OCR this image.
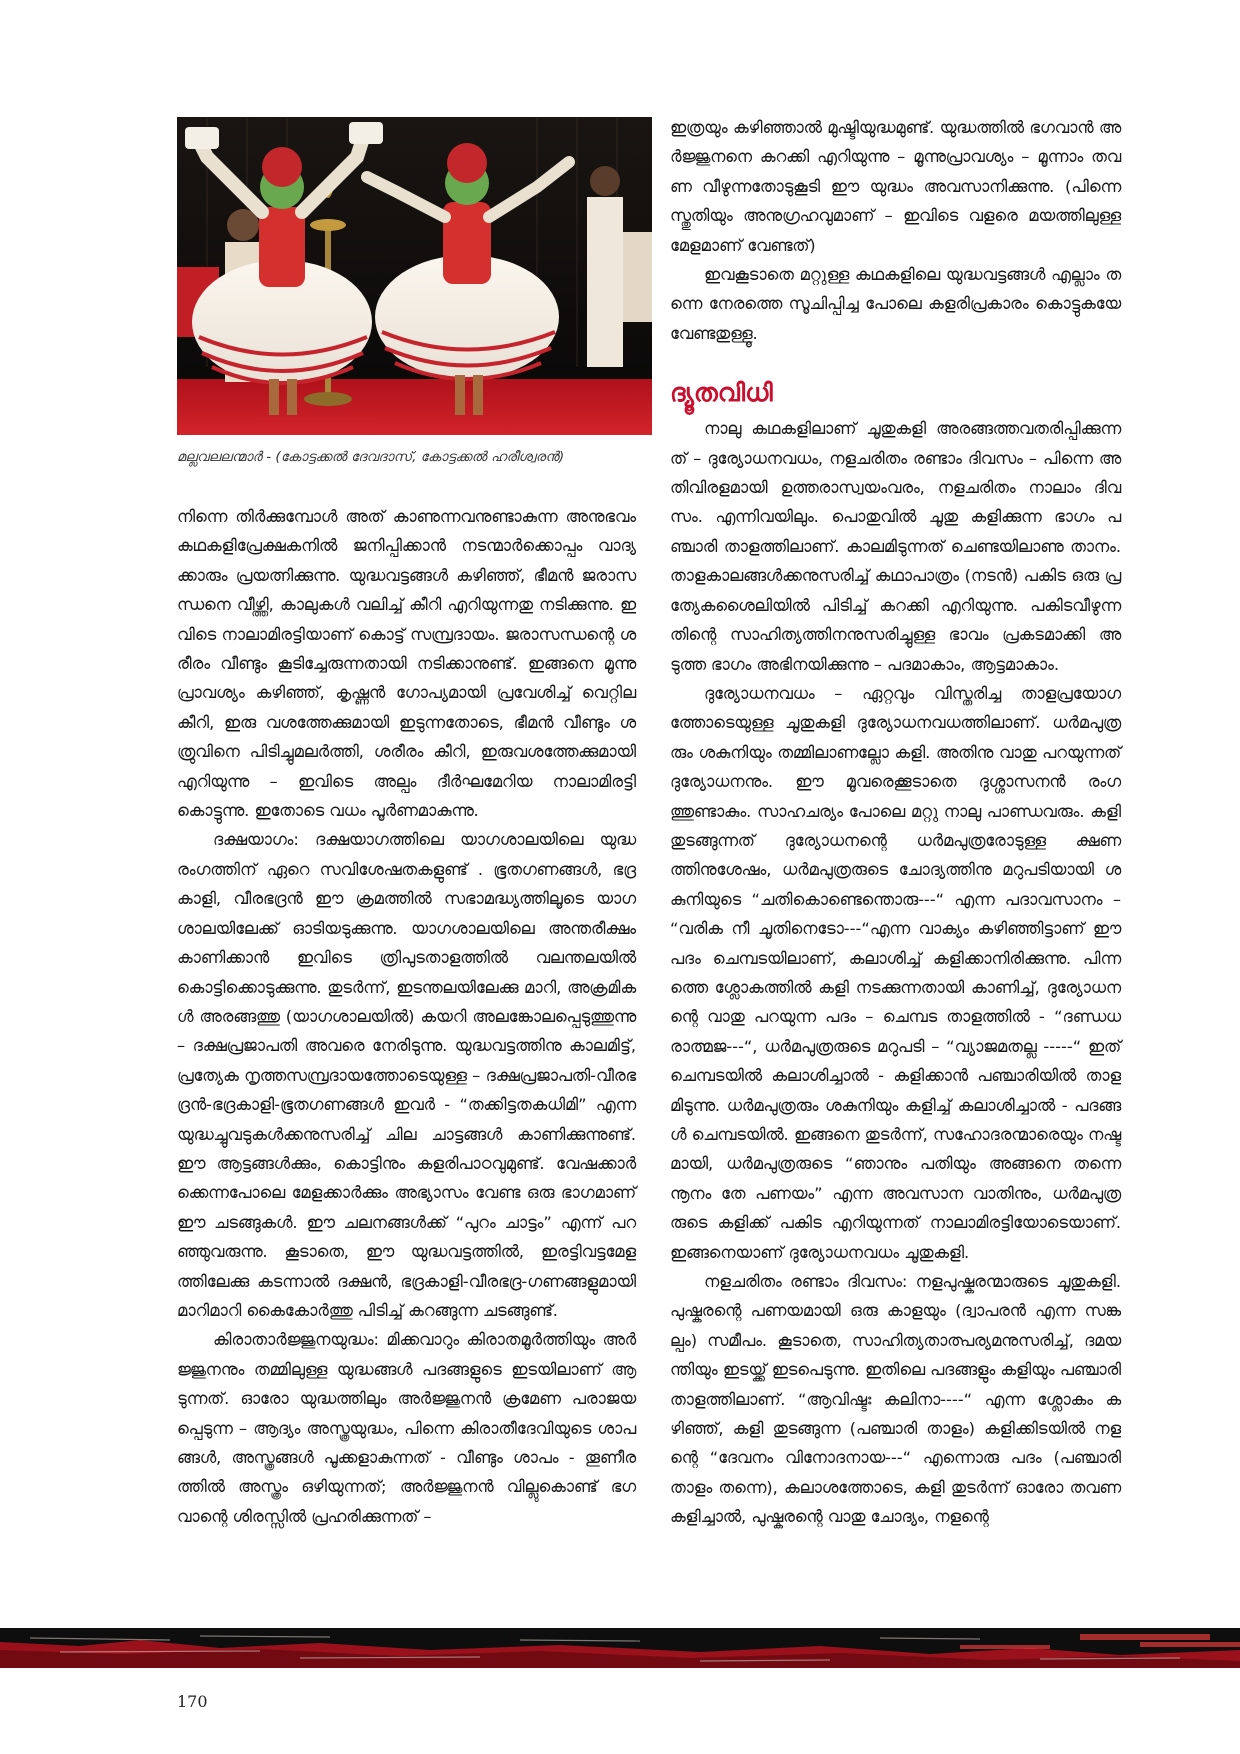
മല്ലവലലന്മാർ - (കോട്ടക്കൽ ദേവദാസ്, കോട്ടക്കൽ ഹരീശ്വരൻ)

നിന്നെ തിർക്കുമ്പോൾ അത് കാണുന്നവനുണ്ടാകുന്ന അനുഭവം കഥകളിപ്രേക്ഷകനിൽ ജനിപ്പിക്കാൻ നടന്മാർക്കൊപ്പം വാദ്യക്കാരും പ്രയത്നിക്കുന്നു. യുദ്ധവട്ടങ്ങൾ കഴിഞ്ഞ്, ഭീമൻ ജരാസന്ധനെ വീഴ്ത്തി, കാലുകൾ വലിച്ച് കീറി എറിയുന്നതു നടിക്കുന്നു. ഇവിടെ നാലാമിരട്ടിയാണ് കൊട്ട് സമ്പ്രദായം. ജരാസന്ധന്റെ ശരീരം വീണ്ടും കൂടിച്ചേരുന്നതായി നടിക്കാനുണ്ട്. ഇങ്ങനെ മൂന്നു പ്രാവശ്യം കഴിഞ്ഞ്, കൃഷ്ണൻ ഗോപ്യമായി പ്രവേശിച്ച് വെറ്റില കീറി, ഇരു വശത്തേക്കുമായി ഇടുന്നതോടെ, ഭീമൻ വീണ്ടും ശത്രുവിനെ പിടിച്ചുമലർത്തി, ശരീരം കീറി, ഇരുവശത്തേക്കുമായി എറിയുന്നു – ഇവിടെ അല്പം ദീർഘമേറിയ നാലാമിരട്ടി കൊട്ടുന്നു. ഇതോടെ വധം പൂർണമാകുന്നു.

ദക്ഷയാഗം: ദക്ഷയാഗത്തിലെ യാഗശാലയിലെ യുദ്ധരംഗത്തിന് ഏറെ സവിശേഷതകളുണ്ട് . ഭൂതഗണങ്ങൾ, ഭദ്രകാളി, വീരഭദ്രൻ ഈ ക്രമത്തിൽ സഭാമദ്ധ്യത്തിലൂടെ യാഗശാലയിലേക്ക് ഓടിയടുക്കുന്നു. യാഗശാലയിലെ അന്തരീക്ഷം കാണിക്കാൻ ഇവിടെ ത്രിപുടതാളത്തിൽ വലന്തലയിൽ കൊട്ടിക്കൊടുക്കുന്നു. തുടർന്ന്, ഇടന്തലയിലേക്കു മാറി, അക്രമികൾ അരങ്ങത്തു (യാഗശാലയിൽ) കയറി അലങ്കോലപ്പെടുത്തുന്നു – ദക്ഷപ്രജാപതി അവരെ നേരിടുന്നു. യുദ്ധവട്ടത്തിനു കാലമിട്ട്, പ്രത്യേക നൃത്തസമ്പ്രദായത്തോടെയുള്ള – ദക്ഷപ്രജാപതി-വീരഭദ്രൻ-ഭദ്രകാളി-ഭൂതഗണങ്ങൾ ഇവർ - “തക്കിട്ടതകധിമി” എന്ന യുദ്ധച്ചുവടുകൾക്കനുസരിച്ച് ചില ചാട്ടങ്ങൾ കാണിക്കുന്നുണ്ട്. ഈ ആട്ടങ്ങൾക്കും, കൊട്ടിനും കളരിപാഠവുമുണ്ട്. വേഷക്കാർക്കെന്നപോലെ മേളക്കാർക്കും അഭ്യാസം വേണ്ട ഒരു ഭാഗമാണ് ഈ ചടങ്ങുകൾ. ഈ ചലനങ്ങൾക്ക് “പുറം ചാട്ടം” എന്ന് പറഞ്ഞുവരുന്നു. കൂടാതെ, ഈ യുദ്ധവട്ടത്തിൽ, ഇരട്ടിവട്ടമേളത്തിലേക്കു കടന്നാൽ ദക്ഷൻ, ഭദ്രകാളി-വീരഭദ്ര-ഗണങ്ങളുമായി മാറിമാറി കൈകോർത്തു പിടിച്ച് കറങ്ങുന്ന ചടങ്ങുണ്ട്.

കിരാതാർജ്ജുനയുദ്ധം: മിക്കവാറും കിരാതമൂർത്തിയും അർജ്ജുനനും തമ്മിലുള്ള യുദ്ധങ്ങൾ പദങ്ങളുടെ ഇടയിലാണ് ആടുന്നത്. ഓരോ യുദ്ധത്തിലും അർജ്ജുനൻ ക്രമേണ പരാജയപ്പെടുന്ന – ആദ്യം അസ്ത്രയുദ്ധം, പിന്നെ കിരാതീദേവിയുടെ ശാപങ്ങൾ, അസ്ത്രങ്ങൾ പൂക്കളാകുന്നത് - വീണ്ടും ശാപം - തൂണീരത്തിൽ അസ്ത്രം ഒഴിയുന്നത്; അർജ്ജുനൻ വില്ലുകൊണ്ട് ഭഗവാന്റെ ശിരസ്സിൽ പ്രഹരിക്കുന്നത് –

ഇത്രയും കഴിഞ്ഞാൽ മുഷ്ടിയുദ്ധമുണ്ട്. യുദ്ധത്തിൽ ഭഗവാൻ അർജ്ജുനനെ കറക്കി എറിയുന്നു – മൂന്നുപ്രാവശ്യം – മൂന്നാം തവണ വീഴുന്നതോടുകൂടി ഈ യുദ്ധം അവസാനിക്കുന്നു. (പിന്നെ സ്തുതിയും അനുഗ്രഹവുമാണ് – ഇവിടെ വളരെ മയത്തിലുള്ള മേളമാണ് വേണ്ടത്)

ഇവകൂടാതെ മറ്റുള്ള കഥകളിലെ യുദ്ധവട്ടങ്ങൾ എല്ലാം തന്നെ നേരത്തെ സൂചിപ്പിച്ച പോലെ കളരിപ്രകാരം കൊട്ടുകയേ വേണ്ടതുള്ളൂ.

ദ്യൂതവിധി

നാലു കഥകളിലാണ് ചൂതുകളി അരങ്ങത്തവതരിപ്പിക്കുന്നത് – ദുര്യോധനവധം, നളചരിതം രണ്ടാം ദിവസം – പിന്നെ അതിവിരളമായി ഉത്തരാസ്വയംവരം, നളചരിതം നാലാം ദിവസം. എന്നിവയിലും. പൊതുവിൽ ചൂതു കളിക്കുന്ന ഭാഗം പഞ്ചാരി താളത്തിലാണ്. കാലമിടുന്നത് ചെണ്ടയിലാണു താനം. താളകാലങ്ങൾക്കനുസരിച്ച് കഥാപാത്രം (നടൻ) പകിട ഒരു പ്രത്യേകശൈലിയിൽ പിടിച്ച് കറക്കി എറിയുന്നു. പകിടവീഴുന്നതിന്റെ സാഹിത്യത്തിനനുസരിച്ചുള്ള ഭാവം പ്രകടമാക്കി അടുത്ത ഭാഗം അഭിനയിക്കുന്നു – പദമാകാം, ആട്ടമാകാം.

ദുര്യോധനവധം – ഏറ്റവും വിസ്തരിച്ച താളപ്രയോഗത്തോടെയുള്ള ചൂതുകളി ദുര്യോധനവധത്തിലാണ്. ധർമപുത്രരും ശകുനിയും തമ്മിലാണല്ലോ കളി. അതിനു വാതു പറയുന്നത് ദുര്യോധനനും. ഈ മൂവരെക്കൂടാതെ ദുശ്ശാസനൻ രംഗത്തുണ്ടാകും. സാഹചര്യം പോലെ മറ്റു നാലു പാണ്ഡവരും. കളി തുടങ്ങുന്നത് ദുര്യോധനന്റെ ധർമപുത്രരോടുള്ള ക്ഷണത്തിനുശേഷം, ധർമപുത്രരുടെ ചോദ്യത്തിനു മറുപടിയായി ശകുനിയുടെ “ചതികൊണ്ടെന്തൊരു---“ എന്ന പദാവസാനം – “വരിക നീ ചൂതിനെടോ---“എന്ന വാക്യം കഴിഞ്ഞിട്ടാണ് ഈ പദം ചെമ്പടയിലാണ്, കലാശിച്ച് കളിക്കാനിരിക്കുന്നു. പിന്നത്തെ ശ്ലോകത്തിൽ കളി നടക്കുന്നതായി കാണിച്ച്, ദുര്യോധനന്റെ വാതു പറയുന്ന പദം – ചെമ്പട താളത്തിൽ - “ദണ്ഡധരാത്മജ---“, ധർമപുത്രരുടെ മറുപടി – “വ്യാജമതല്ല -----“ ഇത് ചെമ്പടയിൽ കലാശിച്ചാൽ - കളിക്കാൻ പഞ്ചാരിയിൽ താളമിടുന്നു. ധർമപുത്രരും ശകുനിയും കളിച്ച് കലാശിച്ചാൽ - പദങ്ങൾ ചെമ്പടയിൽ. ഇങ്ങനെ തുടർന്ന്, സഹോദരന്മാരെയും നഷ്ടമായി, ധർമപുത്രരുടെ “ഞാനും പതിയും അങ്ങനെ തന്നെ നൂനം തേ പണയം” എന്ന അവസാന വാതിനും, ധർമപുത്രരുടെ കളിക്ക് പകിട എറിയുന്നത് നാലാമിരട്ടിയോടെയാണ്. ഇങ്ങനെയാണ് ദുര്യോധനവധം ചൂതുകളി.

നളചരിതം രണ്ടാം ദിവസം: നളപുഷ്കരന്മാരുടെ ചൂതുകളി. പുഷ്കരന്റെ പണയമായി ഒരു കാളയും (ദ്വാപരൻ എന്ന സങ്കല്പം) സമീപം. കൂടാതെ, സാഹിത്യതാത്പര്യമനുസരിച്ച്, ദമയന്തിയും ഇടയ്ക്ക് ഇടപെടുന്നു. ഇതിലെ പദങ്ങളും കളിയും പഞ്ചാരി താളത്തിലാണ്. “ആവിഷ്ടഃ കലിനാ----“ എന്ന ശ്ലോകം കഴിഞ്ഞ്, കളി തുടങ്ങുന്ന (പഞ്ചാരി താളം) കളിക്കിടയിൽ നളന്റെ “ദേവനം വിനോദനായ---“ എന്നൊരു പദം (പഞ്ചാരി താളം തന്നെ), കലാശത്തോടെ, കളി തുടർന്ന് ഓരോ തവണ കളിച്ചാൽ, പുഷ്കരന്റെ വാതു ചോദ്യം, നളന്റെ

170
